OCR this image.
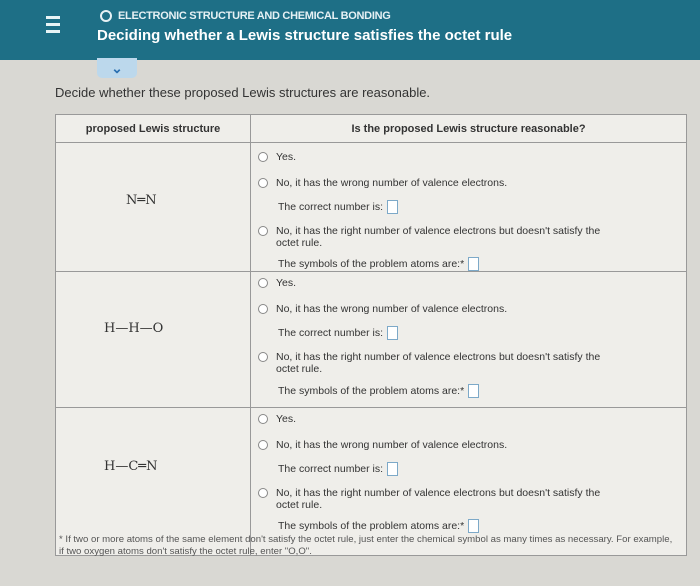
ELECTRONIC STRUCTURE AND CHEMICAL BONDING
Deciding whether a Lewis structure satisfies the octet rule
⌄
Decide whether these proposed Lewis structures are reasonable.
proposed Lewis structure	Is the proposed Lewis structure reasonable?
N═N
Yes.
No, it has the wrong number of valence electrons.
The correct number is:
No, it has the right number of valence electrons but doesn't satisfy the
octet rule.
The symbols of the problem atoms are:*
H—H—O
Yes.
No, it has the wrong number of valence electrons.
The correct number is:
No, it has the right number of valence electrons but doesn't satisfy the
octet rule.
The symbols of the problem atoms are:*
H—C═N
Yes.
No, it has the wrong number of valence electrons.
The correct number is:
No, it has the right number of valence electrons but doesn't satisfy the
octet rule.
The symbols of the problem atoms are:*
* If two or more atoms of the same element don't satisfy the octet rule, just enter the chemical symbol as many times as necessary. For example, if two oxygen atoms don't satisfy the octet rule, enter "O,O".
